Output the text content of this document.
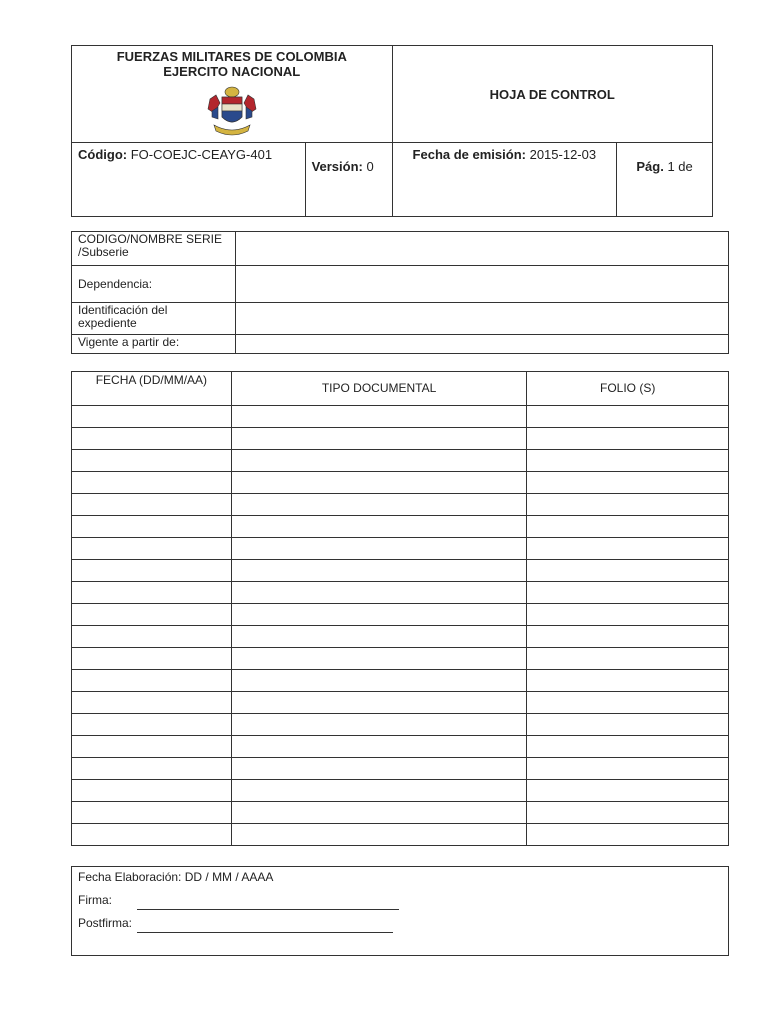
FUERZAS MILITARES DE COLOMBIA
EJERCITO NACIONAL		HOJA DE CONTROL	
Código: FO-COEJC-CEAYG-401	Versión: 0	Fecha de emisión: 2015-12-03	Pág. 1 de
CODIGO/NOMBRE SERIE /Subserie	
Dependencia:	
Identificación del expediente	
Vigente a partir de:	
FECHA (DD/MM/AA)	TIPO DOCUMENTAL	FOLIO (S)

Fecha Elaboración: DD / MM / AAAA
Firma:
Postfirma:
